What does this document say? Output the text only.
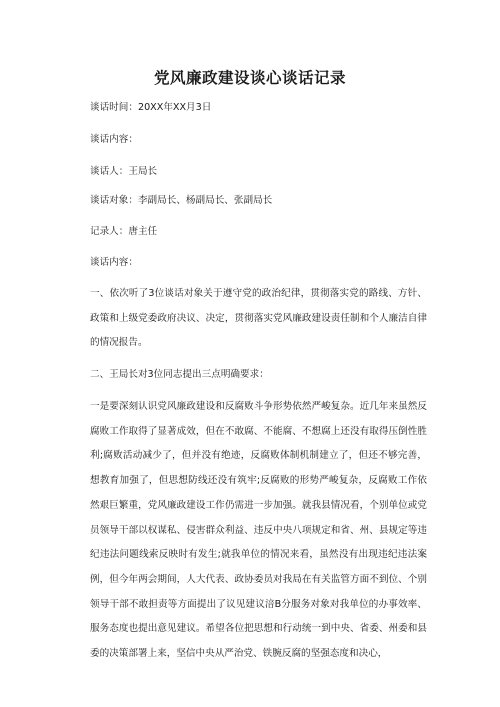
党风廉政建设谈心谈话记录

谈话时间：20XX年XX月3日

谈话内容：

谈话人：王局长

谈话对象：李副局长、杨副局长、张副局长

记录人：唐主任

谈话内容：

一、依次听了3位谈话对象关于遵守党的政治纪律，贯彻落实党的路线、方针、政策和上级党委政府决议、决定，贯彻落实党风廉政建设责任制和个人廉洁自律的情况报告。

二、王局长对3位同志提出三点明确要求：

一是要深刻认识党风廉政建设和反腐败斗争形势依然严峻复杂。近几年来虽然反腐败工作取得了显著成效，但在不敢腐、不能腐、不想腐上还没有取得压倒性胜利;腐败活动减少了，但并没有绝迹，反腐败体制机制建立了，但还不够完善，想教育加强了，但思想防线还没有筑牢;反腐败的形势严峻复杂，反腐败工作依然艰巨繁重，党风廉政建设工作仍需进一步加强。就我县情况看，个别单位或党员领导干部以权谋私、侵害群众利益、违反中央八项规定和省、州、县规定等违纪违法问题线索反映时有发生;就我单位的情况来看，虽然没有出现违纪违法案例，但今年两会期间，人大代表、政协委员对我局在有关监管方面不到位、个别领导干部不敢担责等方面提出了议见建议涪B分服务对象对我单位的办事效率、服务态度也提出意见建议。希望各位把思想和行动统一到中央、省委、州委和县委的决策部署上来，坚信中央从严治党、铁腕反腐的坚强态度和决心，
